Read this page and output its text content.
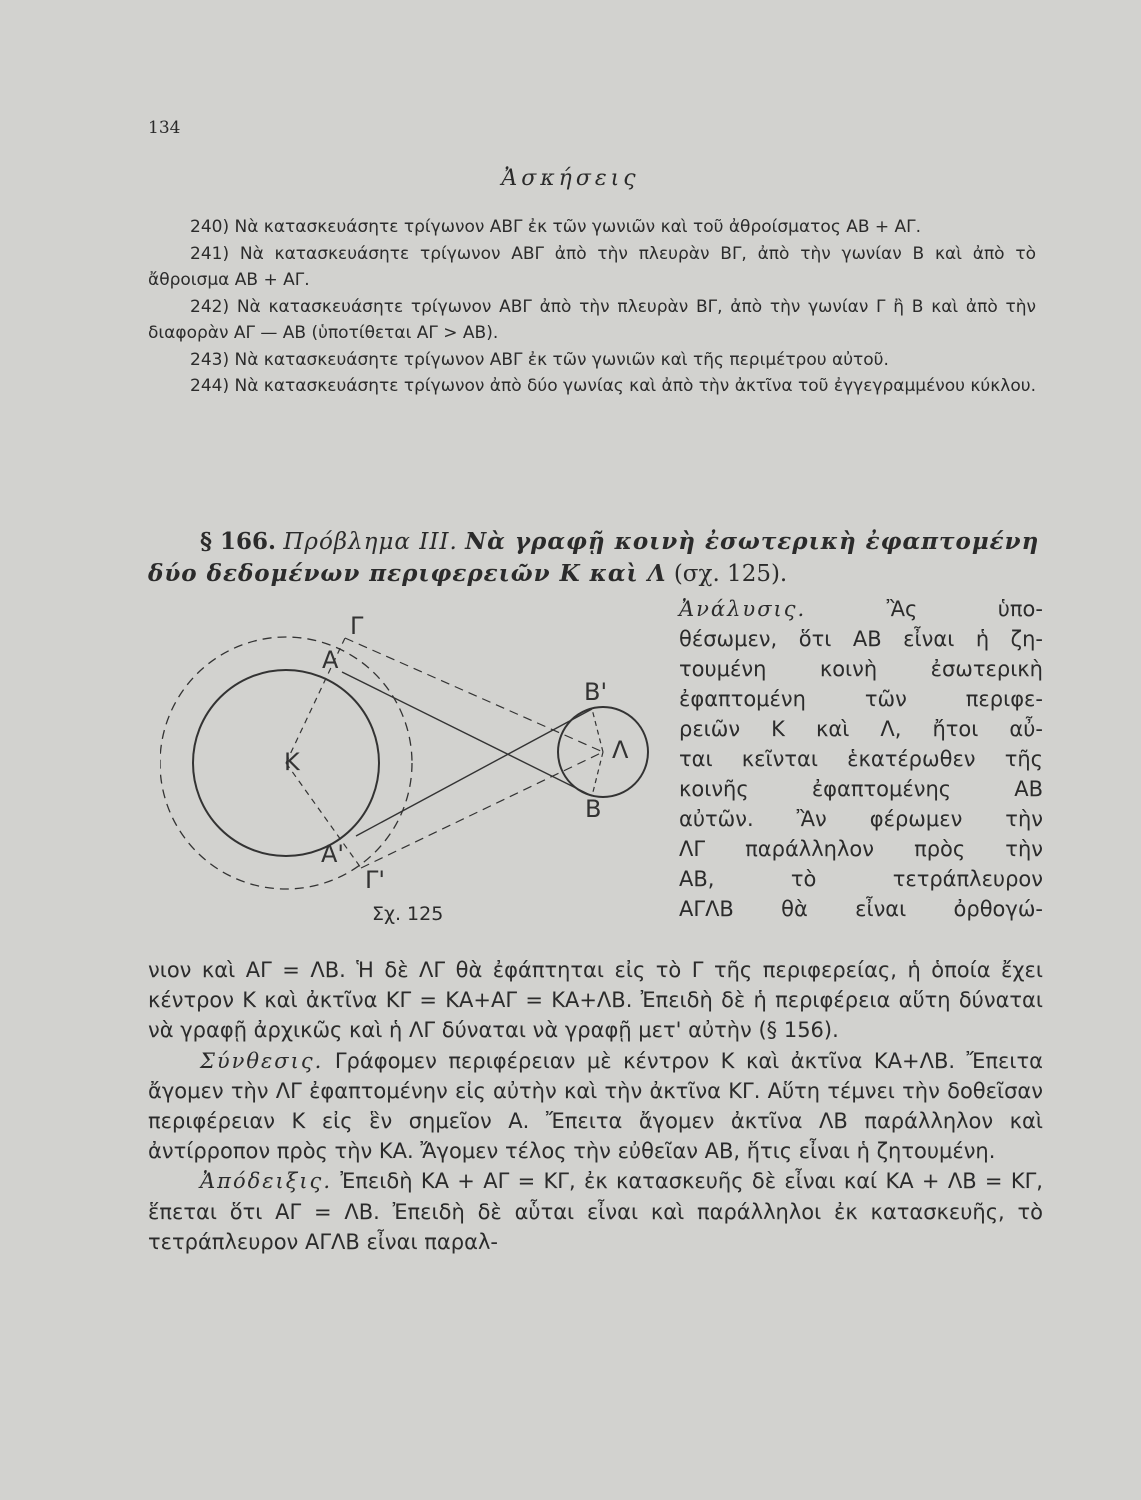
134
Ἀσκήσεις

240) Νὰ κατασκευάσητε τρίγωνον ΑΒΓ ἐκ τῶν γωνιῶν καὶ τοῦ ἀθροίσματος ΑΒ + ΑΓ.

241) Νὰ κατασκευάσητε τρίγωνον ΑΒΓ ἀπὸ τὴν πλευρὰν ΒΓ, ἀπὸ τὴν γωνίαν Β καὶ ἀπὸ τὸ ἄθροισμα ΑΒ + ΑΓ.

242) Νὰ κατασκευάσητε τρίγωνον ΑΒΓ ἀπὸ τὴν πλευρὰν ΒΓ, ἀπὸ τὴν γωνίαν Γ ἢ Β καὶ ἀπὸ τὴν διαφορὰν ΑΓ — ΑΒ (ὑποτίθεται ΑΓ > ΑΒ).

243) Νὰ κατασκευάσητε τρίγωνον ΑΒΓ ἐκ τῶν γωνιῶν καὶ τῆς περιμέτρου αὐτοῦ.

244) Νὰ κατασκευάσητε τρίγωνον ἀπὸ δύο γωνίας καὶ ἀπὸ τὴν ἀκτῖνα τοῦ ἐγγεγραμμένου κύκλου.

§ 166. Πρόβλημα III. Νὰ γραφῇ κοινὴ ἐσωτερικὴ ἐφαπτομένη δύο δεδομένων περιφερειῶν Κ καὶ Λ (σχ. 125).
Γ
Α
Β'
Κ	Λ
Β
Α'
Γ'
Σχ. 125

Ἀνάλυσις.	Ἂς ὑπο-

θέσωμεν, ὅτι ΑΒ εἶναι ἡ ζη-

τουμένη κοινὴ ἐσωτερικὴ

ἐφαπτομένη τῶν περιφε-

ρειῶν Κ καὶ Λ, ἤτοι αὖ-

ται κεῖνται ἑκατέρωθεν τῆς

κοινῆς ἐφαπτομένης ΑΒ

αὐτῶν. Ἂν φέρωμεν τὴν

ΛΓ παράλληλον πρὸς τὴν

ΑΒ, τὸ τετράπλευρον

ΑΓΛΒ θὰ εἶναι ὀρθογώ-

νιον καὶ ΑΓ = ΛΒ. Ἡ δὲ ΛΓ θὰ ἐφάπτηται εἰς τὸ Γ τῆς περιφερείας, ἡ ὁποία ἔχει κέντρον Κ καὶ ἀκτῖνα ΚΓ = ΚΑ+ΑΓ = ΚΑ+ΛΒ. Ἐπειδὴ δὲ ἡ περιφέρεια αὕτη δύναται νὰ γραφῇ ἀρχικῶς καὶ ἡ ΛΓ δύναται νὰ γραφῇ μετ' αὐτὴν (§ 156).

Σύνθεσις. Γράφομεν περιφέρειαν μὲ κέντρον Κ καὶ ἀκτῖνα ΚΑ+ΛΒ. Ἔπειτα ἄγομεν τὴν ΛΓ ἐφαπτομένην εἰς αὐτὴν καὶ τὴν ἀκτῖνα ΚΓ. Αὕτη τέμνει τὴν δοθεῖσαν περιφέρειαν Κ εἰς ἓν σημεῖον Α. Ἔπειτα ἄγομεν ἀκτῖνα ΛΒ παράλληλον καὶ ἀντίρροπον πρὸς τὴν ΚΑ. Ἄγομεν τέλος τὴν εὐθεῖαν ΑΒ, ἥτις εἶναι ἡ ζητουμένη.

Ἀπόδειξις. Ἐπειδὴ ΚΑ + ΑΓ = ΚΓ, ἐκ κατασκευῆς δὲ εἶναι καί ΚΑ + ΛΒ = ΚΓ, ἕπεται ὅτι ΑΓ = ΛΒ. Ἐπειδὴ δὲ αὗται εἶναι καὶ παράλληλοι ἐκ κατασκευῆς, τὸ τετράπλευρον ΑΓΛΒ εἶναι παραλ-
